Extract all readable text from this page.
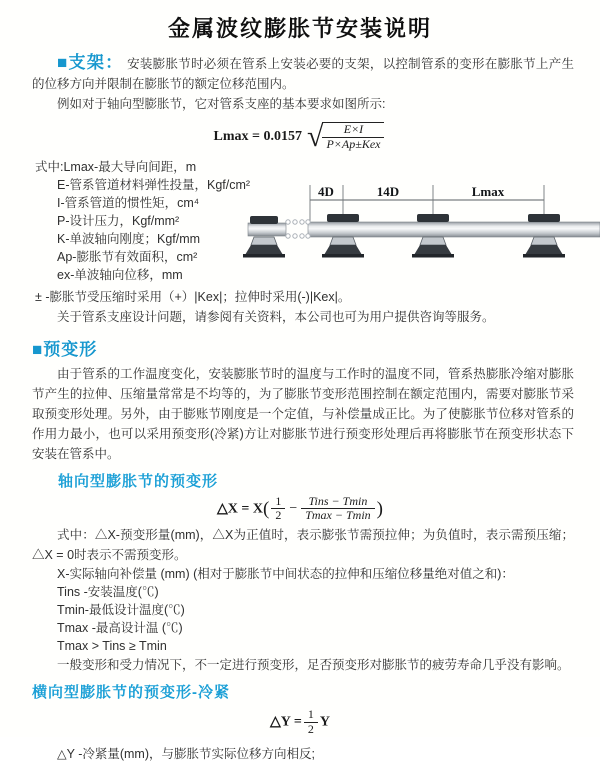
金属波纹膨胀节安装说明

■支架： 安装膨胀节时必须在管系上安装必要的支架，以控制管系的变形在膨胀节上产生的位移方向并限制在膨胀节的额定位移范围内。

例如对于轴向型膨胀节，它对管系支座的基本要求如图所示:

Lmax = 0.0157 √ $\frac{E\times I}{\text{P×Ap±Kex}}$
式中:Lmax-最大导向间距，m
E-管系管道材料弹性投量，Kgf/cm²
I-管系管道的惯性矩，cm⁴
P-设计压力，Kgf/mm²
K-单波轴向刚度；Kgf/mm
Ap-膨胀节有效面积，cm²
ex-单波轴向位移，mm
4D	14D	Lmax

± -膨胀节受压缩时采用（+）|Kex|；拉伸时采用(-)|Kex|。

关于管系支座设计问题，请参阅有关资料，本公司也可为用户提供咨询等服务。

■预变形

由于管系的工作温度变化，安装膨胀节时的温度与工作时的温度不同，管系热膨胀冷缩对膨胀节产生的拉伸、压缩量常常是不均等的，为了膨胀节变形范围控制在额定范围内，需要对膨胀节采取预变形处理。另外，由于膨账节刚度是一个定值，与补偿量成正比。为了使膨胀节位移对管系的作用力最小，也可以采用预变形(冷紧)方让对膨胀节进行预变形处理后再将膨胀节在预变形状态下安装在管系中。

轴向型膨胀节的预变形
△X = $X( \frac{1}{2} - \frac{\text{Tins − Tmin}}{Tmax - Tmin}$ )

式中：△X-预变形量(mm)，△X为正值时，表示膨张节需预拉伸；为负值时，表示需预压缩；△X = 0时表示不需预变形。

X-实际轴向补偿量 (mm) (相对于膨胀节中间状态的拉伸和压缩位移量绝对值之和)：
Tins -安装温度(℃)
Tmin-最低设计温度(℃)
Tmax -最高设计温 (℃)
Tmax > Tins ≥ Tmin

一般变形和受力情况下，不一定进行预变形，足否预变形对膨胀节的疲劳寿命几乎没有影响。

横向型膨胀节的预变形-冷紧
△Y = $\frac{1}{2}$ Y
△Y -冷紧量(mm)，与膨胀节实际位移方向相反;
